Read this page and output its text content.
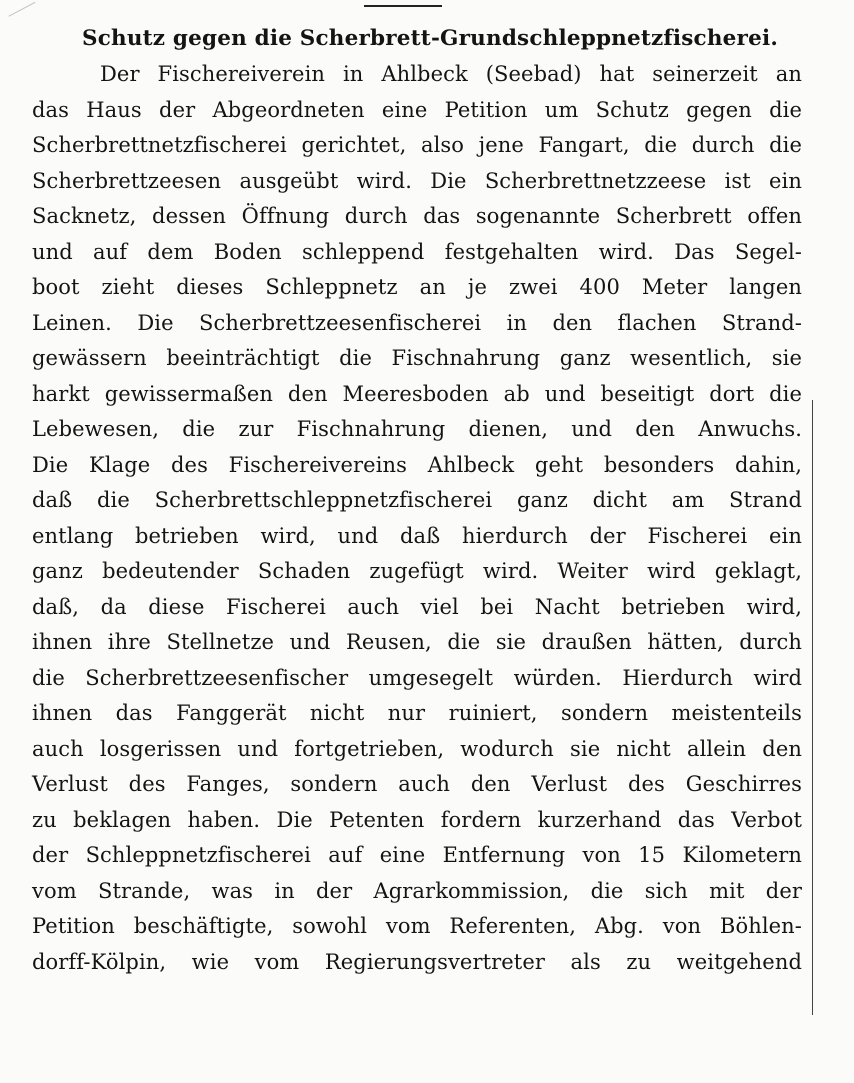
Schutz gegen die Scherbrett-Grundschleppnetzfischerei.
Der Fischereiverein in Ahlbeck (Seebad) hat seinerzeit an
das Haus der Abgeordneten eine Petition um Schutz gegen die
Scherbrettnetzfischerei gerichtet, also jene Fangart, die durch die
Scherbrettzeesen ausgeübt wird. Die Scherbrettnetzzeese ist ein
Sacknetz, dessen Öffnung durch das sogenannte Scherbrett offen
und auf dem Boden schleppend festgehalten wird. Das Segel-
boot zieht dieses Schleppnetz an je zwei 400 Meter langen
Leinen. Die Scherbrettzeesenfischerei in den flachen Strand-
gewässern beeinträchtigt die Fischnahrung ganz wesentlich, sie
harkt gewissermaßen den Meeresboden ab und beseitigt dort die
Lebewesen, die zur Fischnahrung dienen, und den Anwuchs.
Die Klage des Fischereivereins Ahlbeck geht besonders dahin,
daß die Scherbrettschleppnetzfischerei ganz dicht am Strand
entlang betrieben wird, und daß hierdurch der Fischerei ein
ganz bedeutender Schaden zugefügt wird. Weiter wird geklagt,
daß, da diese Fischerei auch viel bei Nacht betrieben wird,
ihnen ihre Stellnetze und Reusen, die sie draußen hätten, durch
die Scherbrettzeesenfischer umgesegelt würden. Hierdurch wird
ihnen das Fanggerät nicht nur ruiniert, sondern meistenteils
auch losgerissen und fortgetrieben, wodurch sie nicht allein den
Verlust des Fanges, sondern auch den Verlust des Geschirres
zu beklagen haben. Die Petenten fordern kurzerhand das Verbot
der Schleppnetzfischerei auf eine Entfernung von 15 Kilometern
vom Strande, was in der Agrarkommission, die sich mit der
Petition beschäftigte, sowohl vom Referenten, Abg. von Böhlen-
dorff-Kölpin, wie vom Regierungsvertreter als zu weitgehend
